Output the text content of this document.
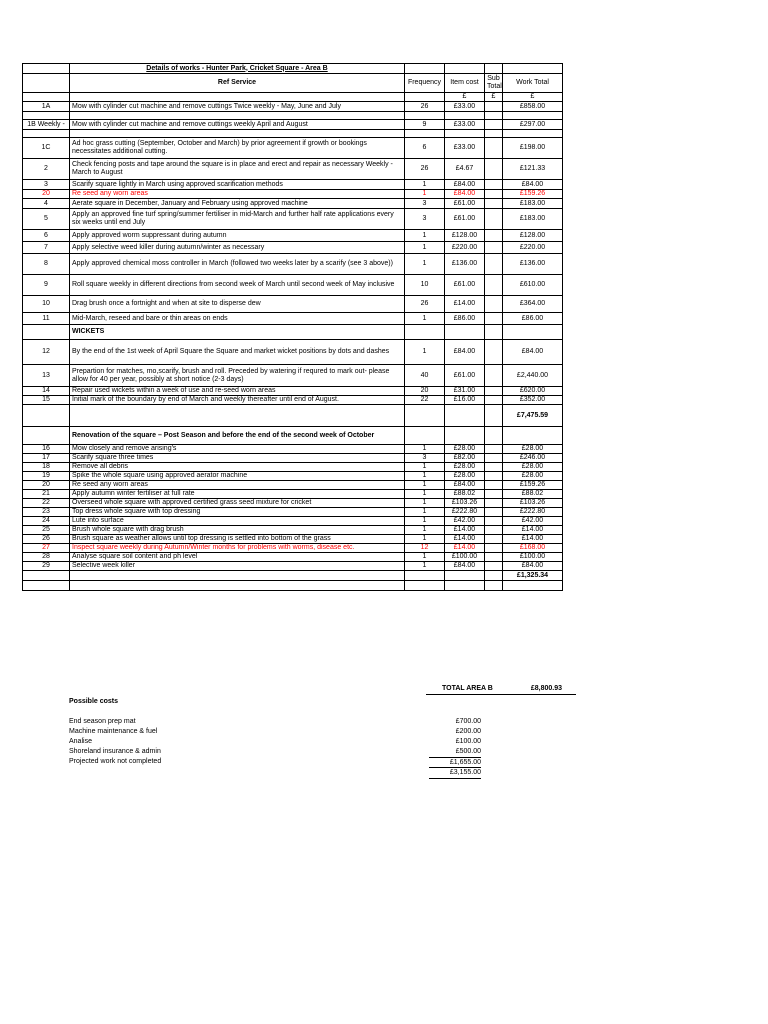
	Details of works - Hunter Park, Cricket Square - Area B				
	Ref Service	Frequency	Item cost	Sub Total	Work Total
			£	£	£
1A	Mow with cylinder cut machine and remove cuttings Twice weekly - May, June and July	26	£33.00		£858.00

1B Weekly -	Mow with cylinder cut machine and remove cuttings weekly April and August	9	£33.00		£297.00

1C	Ad hoc grass cutting (September, October and March) by prior agreement if growth or bookings necessitates additional cutting.	6	£33.00		£198.00
2	Check fencing posts and tape around the square is in place and erect and repair as necessary Weekly - March to August	26	£4.67		£121.33
3	Scarify square lightly in March using approved scarification methods	1	£84.00		£84.00
20	Re seed any worn areas	1	£84.00		£159.26
4	Aerate square in December, January and February using approved machine	3	£61.00		£183.00
5	Apply an approved fine turf spring/summer fertiliser in mid-March and further half rate applications every six weeks until end July	3	£61.00		£183.00
6	Apply approved worm suppressant during autumn	1	£128.00		£128.00
7	Apply selective weed killer during autumn/winter as necessary	1	£220.00		£220.00
8	Apply approved chemical moss controller in March (followed two weeks later by a scarify (see 3 above))	1	£136.00		£136.00
9	Roll square weekly in different directions from second week of March until second week of May inclusive	10	£61.00		£610.00
10	Drag brush once a fortnight and when at site to disperse dew	26	£14.00		£364.00
11	Mid-March, reseed and bare or thin areas on ends	1	£86.00		£86.00
	WICKETS				
12	By the end of the 1st week of April Square the Square and market wicket positions by dots and dashes	1	£84.00		£84.00
13	Prepartion for matches, mo,scarify, brush and roll. Preceded by watering if requred to mark out- please allow for 40 per year, possibly at short notice (2-3 days)	40	£61.00		£2,440.00
14	Repair used wickets within a week of use and re-seed worn areas	20	£31.00		£620.00
15	Initial mark of the boundary by end of March and weekly thereafter until end of August.	22	£16.00		£352.00
					£7,475.59
	Renovation of the square – Post Season and before the end of the second week of October				
16	Mow closely and remove arising's	1	£28.00		£28.00
17	Scarify square three times	3	£82.00		£246.00
18	Remove all debris	1	£28.00		£28.00
19	Spike the whole square using approved aerator machine	1	£28.00		£28.00
20	Re seed any worn areas	1	£84.00		£159.26
21	Apply autumn winter fertiliser at full rate	1	£88.02		£88.02
22	Overseed whole square with approved certified grass seed mixture for cricket	1	£103.26		£103.26
23	Top dress whole square with top dressing	1	£222.80		£222.80
24	Lute into surface	1	£42.00		£42.00
25	Brush whole square with drag brush	1	£14.00		£14.00
26	Brush square as weather allows until top dressing is settled into bottom of the grass	1	£14.00		£14.00
27	Inspect square weekly during Autumn/Winter months for problems with worms, disease etc.	12	£14.00		£168.00
28	Analyse square soil content and ph level	1	£100.00		£100.00
29	Selective week killer	1	£84.00		£84.00
					£1,325.34

TOTAL AREA B	£8,800.93
Possible costs
End season prep mat	£700.00
Machine maintenance & fuel	£200.00
Analise	£100.00
Shoreland insurance & admin	£500.00
Projected work not completed	£1,655.00
£3,155.00
